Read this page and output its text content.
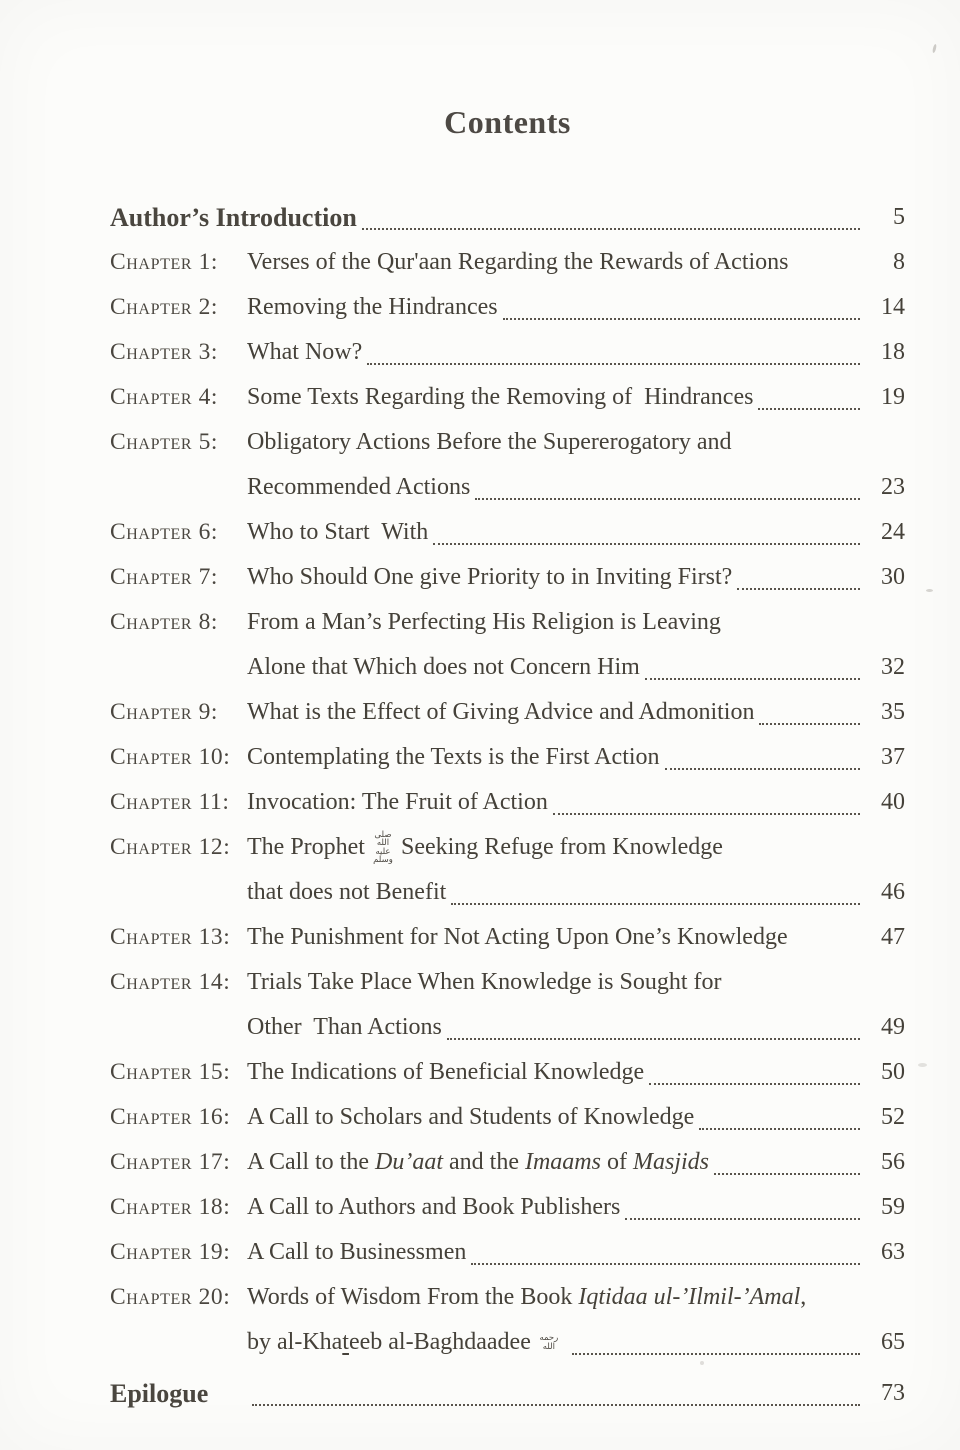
Contents
Author’s Introduction	5
Chapter 1:	Verses of the Qur'aan Regarding the Rewards of Actions	8
Chapter 2:	Removing the Hindrances	14
Chapter 3:	What Now?	18
Chapter 4:	Some Texts Regarding the Removing of  Hindrances	19
Chapter 5:	Obligatory Actions Before the Supererogatory and
Recommended Actions	23
Chapter 6:	Who to Start  With	24
Chapter 7:	Who Should One give Priority to in Inviting First?	30
Chapter 8:	From a Man’s Perfecting His Religion is Leaving
Alone that Which does not Concern Him	32
Chapter 9:	What is the Effect of Giving Advice and Admonition	35
Chapter 10: Contemplating the Texts is the First Action	37
Chapter 11: Invocation: The Fruit of Action	40
Chapter 12: The Prophet	صلى الله عليه وسلم Seeking Refuge from Knowledge
that does not Benefit	46
Chapter 13: The Punishment for Not Acting Upon One’s Knowledge	47
Chapter 14: Trials Take Place When Knowledge is Sought for
Other  Than Actions	49
Chapter 15: The Indications of Beneficial Knowledge	50
Chapter 16: A Call to Scholars and Students of Knowledge	52
Chapter 17: A Call to the Du’aat and the Imaams of Masjids	56
Chapter 18: A Call to Authors and Book Publishers	59
Chapter 19: A Call to Businessmen	63
Chapter 20: Words of Wisdom From the Book Iqtidaa ul-’Ilmil-’Amal ,
by al-Kha t eeb al-Baghdaadee	رحمه الله	65
Epilogue	73
